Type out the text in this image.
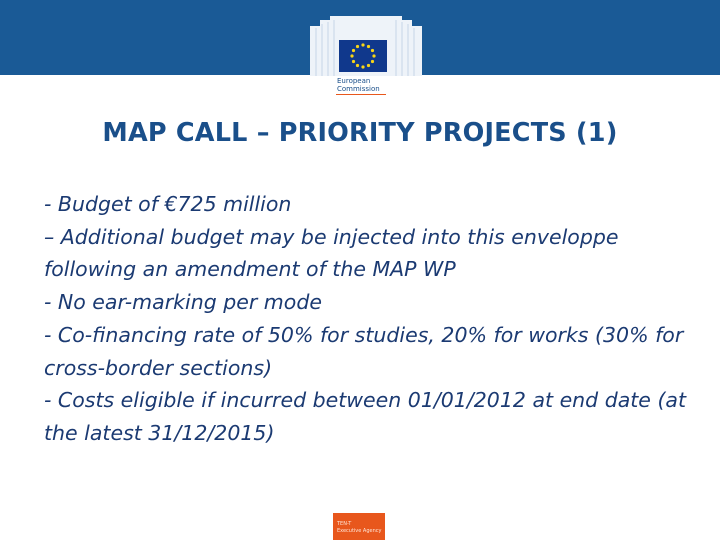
European
Commission
MAP CALL – PRIORITY PROJECTS (1)

- Budget of €725 million

– Additional budget may be injected into this enveloppe following an amendment of the MAP WP

- No ear-marking per mode

- Co-financing rate of 50% for studies, 20% for works (30% for cross-border sections)

- Costs eligible if incurred between 01/01/2012 at end date (at the latest 31/12/2015)

TEN-T
Executive Agency
